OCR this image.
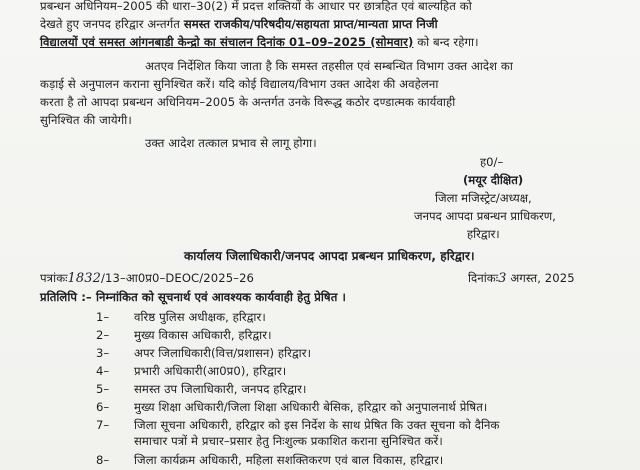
प्रबन्धन अधिनियम–2005 की धारा–30(2) में प्रदत्त शक्तियों के आधार पर छात्रहित एवं बाल्यहित को
देखते हुए जनपद हरिद्वार अन्तर्गत समस्त राजकीय/परिषदीय/सहायता प्राप्त/मान्यता प्राप्त निजी
विद्यालयों एवं समस्त आंगनबाडी केन्द्रो का संचालन दिनांक 01–09–2025 (सोमवार) को बन्द रहेगा।
अतएव निर्देशित किया जाता है कि समस्त तहसील एवं सम्बन्धित विभाग उक्त आदेश का
कड़ाई से अनुपालन कराना सुनिश्चित करें। यदि कोई विद्यालय/विभाग उक्त आदेश की अवहेलना
करता है तो आपदा प्रबन्धन अधिनियम–2005 के अन्तर्गत उनके विरूद्ध कठोर दण्डात्मक कार्यवाही
सुनिश्चित की जायेगी।
उक्त आदेश तत्काल प्रभाव से लागू होगा।
ह0/–
(मयूर दीक्षित)
जिला मजिस्ट्रेट/अध्यक्ष,
जनपद आपदा प्रबन्धन प्राधिकरण,
हरिद्वार।
कार्यालय जिलाधिकारी/जनपद आपदा प्रबन्धन प्राधिकरण, हरिद्वार।
पत्रांकः1832/13–आ0प्र0–DEOC/2025–26	दिनांकः3 अगस्त, 2025
प्रतिलिपि :– निम्नांकित को सूचनार्थ एवं आवश्यक कार्यवाही हेतु प्रेषित ।
1– वरिष्ठ पुलिस अधीक्षक, हरिद्वार।
2– मुख्य विकास अधिकारी, हरिद्वार।
3– अपर जिलाधिकारी(वित्त/प्रशासन) हरिद्वार।
4– प्रभारी अधिकारी(आ0प्र0), हरिद्वार।
5– समस्त उप जिलाधिकारी, जनपद हरिद्वार।
6– मुख्य शिक्षा अधिकारी/जिला शिक्षा अधिकारी बेसिक, हरिद्वार को अनुपालनार्थ प्रेषित।
7– जिला सूचना अधिकारी, हरिद्वार को इस निर्देश के साथ प्रेषित कि उक्त सूचना को दैनिक
समाचार पत्रों मे प्रचार–प्रसार हेतु निःशुल्क प्रकाशित कराना सुनिश्चित करें।
8– जिला कार्यक्रम अधिकारी, महिला सशक्तिकरण एवं बाल विकास, हरिद्वार।
